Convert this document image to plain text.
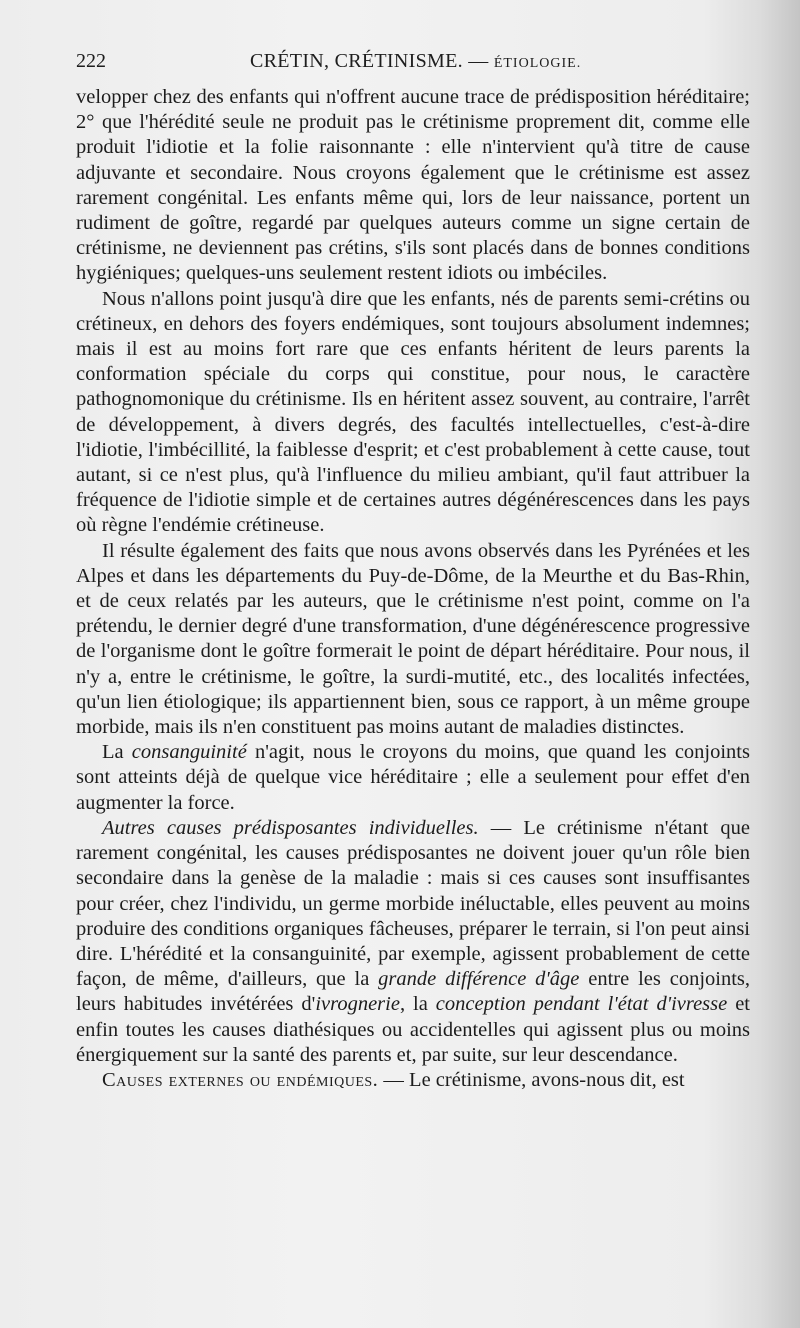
222	CRÉTIN, CRÉTINISME. — ÉTIOLOGIE.

velopper chez des enfants qui n'offrent aucune trace de prédisposition héréditaire; 2° que l'hérédité seule ne produit pas le crétinisme proprement dit, comme elle produit l'idiotie et la folie raisonnante : elle n'intervient qu'à titre de cause adjuvante et secondaire. Nous croyons également que le crétinisme est assez rarement congénital. Les enfants même qui, lors de leur naissance, portent un rudiment de goître, regardé par quelques auteurs comme un signe certain de crétinisme, ne deviennent pas crétins, s'ils sont placés dans de bonnes conditions hygiéniques; quelques-uns seulement restent idiots ou imbéciles.

Nous n'allons point jusqu'à dire que les enfants, nés de parents semi-crétins ou crétineux, en dehors des foyers endémiques, sont toujours absolument indemnes; mais il est au moins fort rare que ces enfants héritent de leurs parents la conformation spéciale du corps qui constitue, pour nous, le caractère pathognomonique du crétinisme. Ils en héritent assez souvent, au contraire, l'arrêt de développement, à divers degrés, des facultés intellectuelles, c'est-à-dire l'idiotie, l'imbécillité, la faiblesse d'esprit; et c'est probablement à cette cause, tout autant, si ce n'est plus, qu'à l'influence du milieu ambiant, qu'il faut attribuer la fréquence de l'idiotie simple et de certaines autres dégénérescences dans les pays où règne l'endémie crétineuse.

Il résulte également des faits que nous avons observés dans les Pyrénées et les Alpes et dans les départements du Puy-de-Dôme, de la Meurthe et du Bas-Rhin, et de ceux relatés par les auteurs, que le crétinisme n'est point, comme on l'a prétendu, le dernier degré d'une transformation, d'une dégénérescence progressive de l'organisme dont le goître formerait le point de départ héréditaire. Pour nous, il n'y a, entre le crétinisme, le goître, la surdi-mutité, etc., des localités infectées, qu'un lien étiologique; ils appartiennent bien, sous ce rapport, à un même groupe morbide, mais ils n'en constituent pas moins autant de maladies distinctes.

La consanguinité n'agit, nous le croyons du moins, que quand les conjoints sont atteints déjà de quelque vice héréditaire ; elle a seulement pour effet d'en augmenter la force.

Autres causes prédisposantes individuelles. — Le crétinisme n'étant que rarement congénital, les causes prédisposantes ne doivent jouer qu'un rôle bien secondaire dans la genèse de la maladie : mais si ces causes sont insuffisantes pour créer, chez l'individu, un germe morbide inéluctable, elles peuvent au moins produire des conditions organiques fâcheuses, préparer le terrain, si l'on peut ainsi dire. L'hérédité et la consanguinité, par exemple, agissent probablement de cette façon, de même, d'ailleurs, que la grande différence d'âge entre les conjoints, leurs habitudes invétérées d'ivrognerie, la conception pendant l'état d'ivresse et enfin toutes les causes diathésiques ou accidentelles qui agissent plus ou moins énergiquement sur la santé des parents et, par suite, sur leur descendance.

Causes externes ou endémiques. — Le crétinisme, avons-nous dit, est
